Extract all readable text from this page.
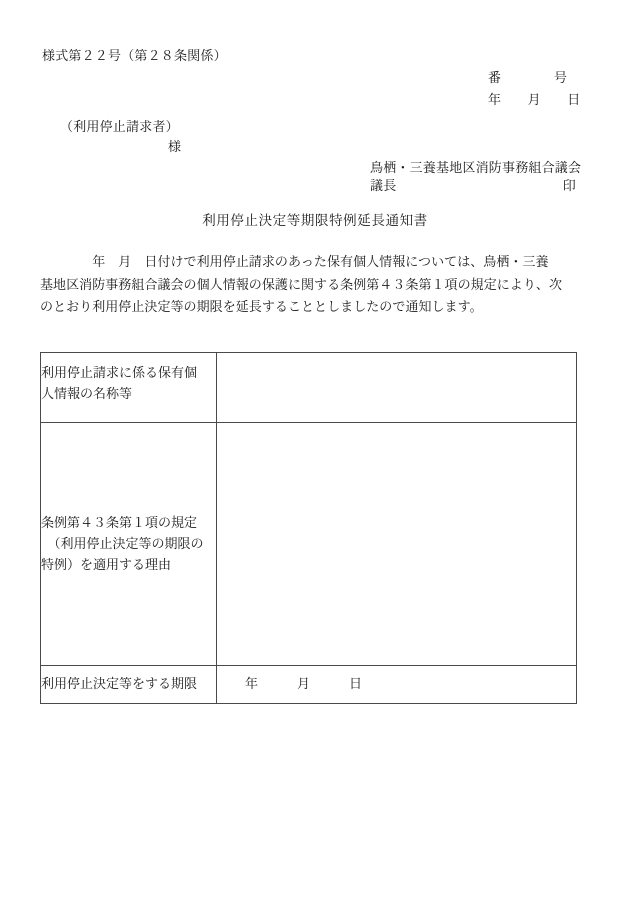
様式第２２号（第２８条関係）
番　　　　号
年　　月　　日
（利用停止請求者）
様
鳥栖・三養基地区消防事務組合議会
議長	印
利用停止決定等期限特例延長通知書
　　　　年　月　日付けで利用停止請求のあった保有個人情報については、鳥栖・三養
基地区消防事務組合議会の個人情報の保護に関する条例第４３条第１項の規定により、次
のとおり利用停止決定等の期限を延長することとしましたので通知します。
利用停止請求に係る保有個
人情報の名称等	

条例第４３条第１項の規定
　（利用停止決定等の期限の
特例）を適用する理由	

利用停止決定等をする期限	年　　　月　　　日
